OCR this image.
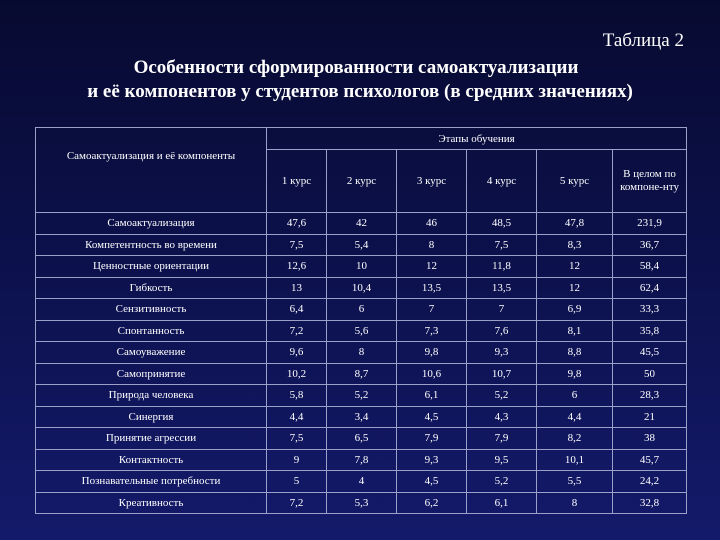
Таблица 2
Особенности сформированности самоактуализации
и её компонентов у студентов психологов (в средних значениях)
	Этапы обучения					
Самоактуализация и её компоненты	1 курс	2 курс	3 курс	4 курс	5 курс	В целом по компоне-нту
Самоактуализация	47,6	42	46	48,5	47,8	231,9
Компетентность во времени	7,5	5,4	8	7,5	8,3	36,7
Ценностные ориентации	12,6	10	12	11,8	12	58,4
Гибкость	13	10,4	13,5	13,5	12	62,4
Сензитивность	6,4	6	7	7	6,9	33,3
Спонтанность	7,2	5,6	7,3	7,6	8,1	35,8
Самоуважение	9,6	8	9,8	9,3	8,8	45,5
Самопринятие	10,2	8,7	10,6	10,7	9,8	50
Природа человека	5,8	5,2	6,1	5,2	6	28,3
Синергия	4,4	3,4	4,5	4,3	4,4	21
Принятие агрессии	7,5	6,5	7,9	7,9	8,2	38
Контактность	9	7,8	9,3	9,5	10,1	45,7
Познавательные потребности	5	4	4,5	5,2	5,5	24,2
Креативность	7,2	5,3	6,2	6,1	8	32,8
